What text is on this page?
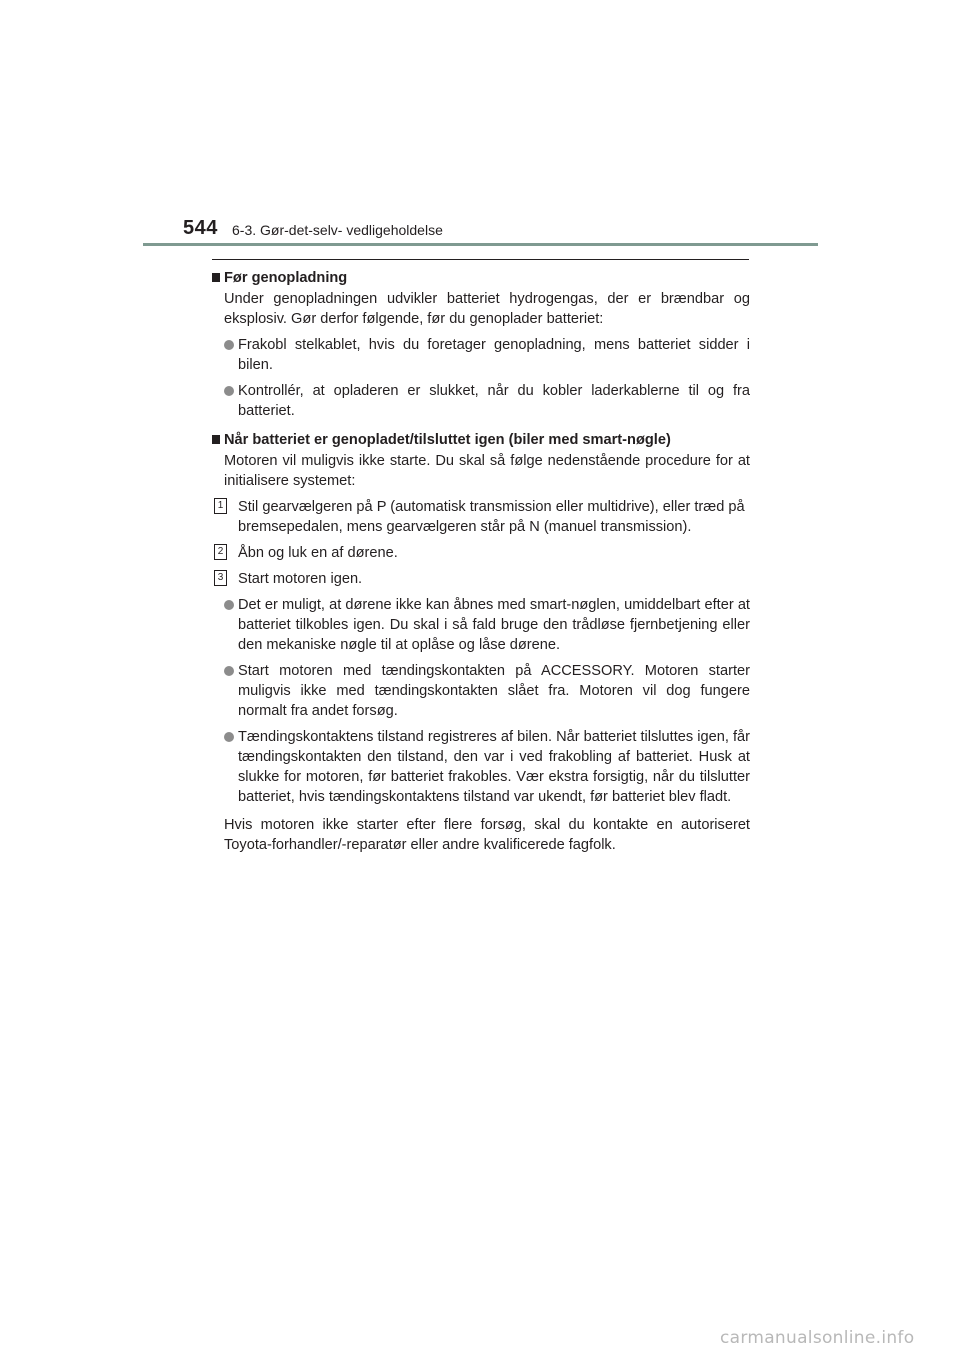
544 6-3. Gør-det-selv- vedligeholdelse
Før genopladning
Under genopladningen udvikler batteriet hydrogengas, der er brændbar og eksplosiv. Gør derfor følgende, før du genoplader batteriet:
Frakobl stelkablet, hvis du foretager genopladning, mens batteriet sidder i bilen.
Kontrollér, at opladeren er slukket, når du kobler laderkablerne til og fra batteriet.
Når batteriet er genopladet/tilsluttet igen (biler med smart-nøgle)
Motoren vil muligvis ikke starte. Du skal så følge nedenstående procedure for at initialisere systemet:
1 Stil gearvælgeren på P (automatisk transmission eller multidrive), eller træd på bremsepedalen, mens gearvælgeren står på N (manuel transmission).
2 Åbn og luk en af dørene.
3 Start motoren igen.
Det er muligt, at dørene ikke kan åbnes med smart-nøglen, umiddelbart efter at batteriet tilkobles igen. Du skal i så fald bruge den trådløse fjernbetjening eller den mekaniske nøgle til at oplåse og låse dørene.
Start motoren med tændingskontakten på ACCESSORY. Motoren starter muligvis ikke med tændingskontakten slået fra. Motoren vil dog fungere normalt fra andet forsøg.
Tændingskontaktens tilstand registreres af bilen. Når batteriet tilsluttes igen, får tændingskontakten den tilstand, den var i ved frakobling af batteriet. Husk at slukke for motoren, før batteriet frakobles. Vær ekstra forsigtig, når du tilslutter batteriet, hvis tændingskontaktens tilstand var ukendt, før batteriet blev fladt.
Hvis motoren ikke starter efter flere forsøg, skal du kontakte en autoriseret Toyota-forhandler/-reparatør eller andre kvalificerede fagfolk.
carmanualsonline.info
